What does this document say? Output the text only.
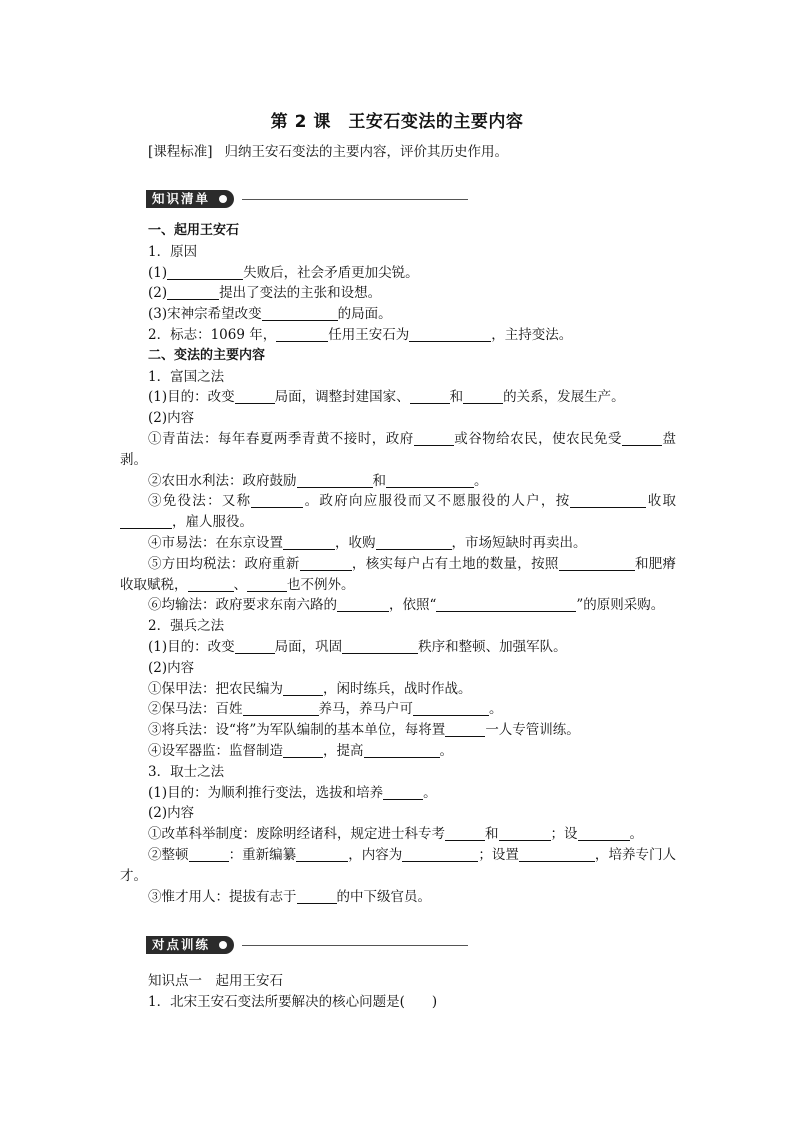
第 2 课　王安石变法的主要内容
[课程标准] 归纳王安石变法的主要内容，评价其历史作用。
知识清单
一、起用王安石
1．原因
(1)	失败后，社会矛盾更加尖锐。
(2)	提出了变法的主张和设想。
(3)宋神宗希望改变	的局面。
2．标志：1069 年，	任用王安石为	，主持变法。
二、变法的主要内容
1．富国之法
(1)目的：改变	局面，调整封建国家、	和	的关系，发展生产。
(2)内容
①青苗法：每年春夏两季青黄不接时，政府	或谷物给农民，使农民免受	盘剥。
②农田水利法：政府鼓励	和	。
③免役法：又称	。政府向应服役而又不愿服役的人户，按	收取，雇人服役。
④市易法：在东京设置	，收购	，市场短缺时再卖出。
⑤方田均税法：政府重新	，核实每户占有土地的数量，按照	和肥瘠收取赋税，	、	也不例外。
⑥均输法：政府要求东南六路的	，依照“	”的原则采购。
2．强兵之法
(1)目的：改变	局面，巩固	秩序和整顿、加强军队。
(2)内容
①保甲法：把农民编为	，闲时练兵，战时作战。
②保马法：百姓	养马，养马户可	。
③将兵法：设“将”为军队编制的基本单位，每将置	一人专管训练。
④设军器监：监督制造	，提高	。
3．取士之法
(1)目的：为顺利推行变法，选拔和培养	。
(2)内容
①改革科举制度：废除明经诸科，规定进士科专考	和	；设	。
②整顿	：重新编纂	，内容为	；设置	，培养专门人才。
③惟才用人：提拔有志于	的中下级官员。
对点训练
知识点一　起用王安石
1．北宋王安石变法所要解决的核心问题是(　　)
